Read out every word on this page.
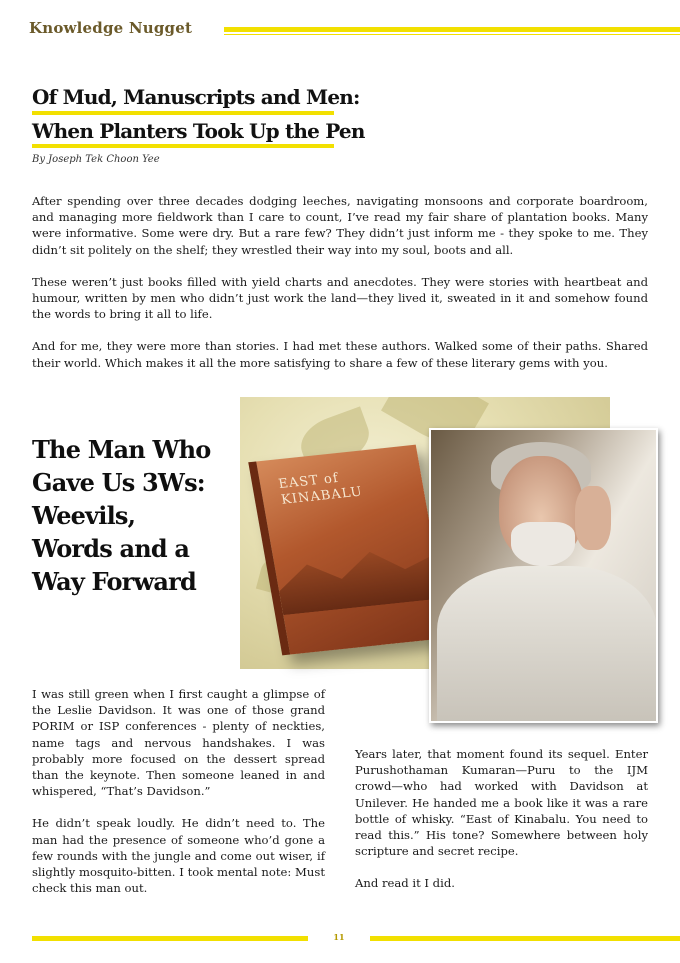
Knowledge Nugget
Of Mud, Manuscripts and Men:
When Planters Took Up the Pen
By Joseph Tek Choon Yee

After spending over three decades dodging leeches, navigating monsoons and corporate boardroom, and managing more fieldwork than I care to count, I’ve read my fair share of plantation books. Many were informative. Some were dry. But a rare few? They didn’t just inform me - they spoke to me. They didn’t sit politely on the shelf; they wrestled their way into my soul, boots and all.

These weren’t just books filled with yield charts and anecdotes. They were stories with heartbeat and humour, written by men who didn’t just work the land—they lived it, sweated in it and somehow found the words to bring it all to life.

And for me, they were more than stories. I had met these authors. Walked some of their paths. Shared their world. Which makes it all the more satisfying to share a few of these literary gems with you.

EAST of KINABALU
The Man Who
Gave Us 3Ws:
Weevils,
Words and a
Way Forward

I was still green when I first caught a glimpse of the Leslie Davidson. It was one of those grand PORIM or ISP conferences - plenty of neckties, name tags and nervous handshakes. I was probably more focused on the dessert spread than the keynote. Then someone leaned in and whispered, “That’s Davidson.”

He didn’t speak loudly. He didn’t need to. The man had the presence of someone who’d gone a few rounds with the jungle and come out wiser, if slightly mosquito-bitten. I took mental note: Must check this man out.

Years later, that moment found its sequel. Enter Purushothaman Kumaran—Puru to the IJM crowd—who had worked with Davidson at Unilever. He handed me a book like it was a rare bottle of whisky. “East of Kinabalu. You need to read this.” His tone? Somewhere between holy scripture and secret recipe.

And read it I did.

11
